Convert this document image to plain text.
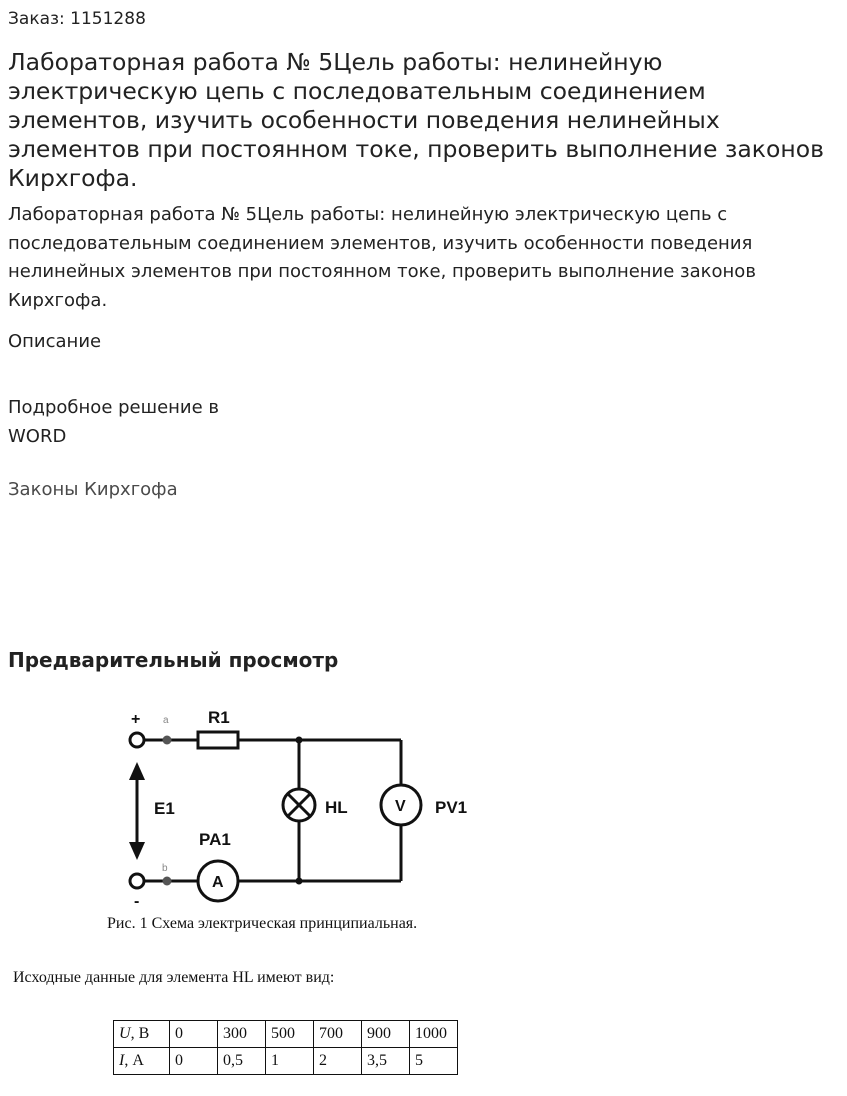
Заказ: 1151288
Лабораторная работа № 5Цель работы: нелинейную электрическую цепь с последовательным соединением элементов, изучить особенности поведения нелинейных элементов при постоянном токе, проверить выполнение законов Кирхгофа.

Лабораторная работа № 5Цель работы: нелинейную электрическую цепь с последовательным соединением элементов, изучить особенности поведения нелинейных элементов при постоянном токе, проверить выполнение законов Кирхгофа.

Описание
Подробное решение в
WORD
Законы Кирхгофа
Предварительный просмотр
+
-
R1
E1
PA1
A
HL	V PV1
a
b
Рис. 1 Схема электрическая принципиальная.
Исходные данные для элемента HL имеют вид:
U, В	0	300	500	700	900	1000
I, А	0	0,5	1	2	3,5	5
